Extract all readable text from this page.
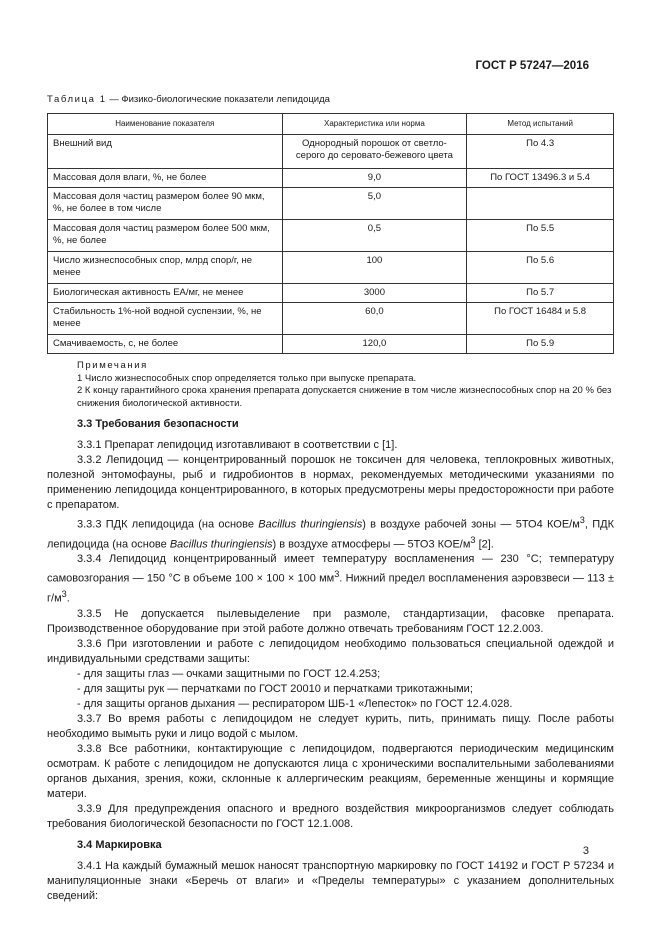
ГОСТ Р 57247—2016
Таблица 1 — Физико-биологические показатели лепидоцида
Наименование показателя	Характеристика или норма	Метод испытаний
Внешний вид	Однородный порошок от светло-серого до серовато-бежевого цвета	По 4.3
Массовая доля влаги, %, не более	9,0	По ГОСТ 13496.3 и 5.4
Массовая доля частиц размером более 90 мкм, %, не более в том числе	5,0	
Массовая доля частиц размером более 500 мкм, %, не более	0,5	По 5.5
Число жизнеспособных спор, млрд спор/г, не менее	100	По 5.6
Биологическая активность ЕА/мг, не менее	3000	По 5.7
Стабильность 1%-ной водной суспензии, %, не менее	60,0	По ГОСТ 16484 и 5.8
Смачиваемость, с, не более	120,0	По 5.9
Примечания
1 Число жизнеспособных спор определяется только при выпуске препарата.
2 К концу гарантийного срока хранения препарата допускается снижение в том числе жизнеспособных спор на 20 % без снижения биологической активности.

3.3 Требования безопасности

3.3.1 Препарат лепидоцид изготавливают в соответствии с [1].

3.3.2 Лепидоцид — концентрированный порошок не токсичен для человека, теплокровных животных, полезной энтомофауны, рыб и гидробионтов в нормах, рекомендуемых методическими указаниями по применению лепидоцида концентрированного, в которых предусмотрены меры предосторожности при работе с препаратом.

3.3.3 ПДК лепидоцида (на основе Bacillus thuringiensis) в воздухе рабочей зоны — 5ТО4 КОЕ/$м^3$, ПДК лепидоцида (на основе Bacillus thuringiensis) в воздухе атмосферы — 5ТО3 КОЕ/$м^3$ [2].

3.3.4 Лепидоцид концентрированный имеет температуру воспламенения — 230 °С; температуру самовозгорания — 150 °С в объеме 100 × 100 × 100 $мм^3$. Нижний предел воспламенения аэровзвеси — $113 \pm г/м^3$.

3.3.5 Не допускается пылевыделение при размоле, стандартизации, фасовке препарата. Производственное оборудование при этой работе должно отвечать требованиям ГОСТ 12.2.003.

3.3.6 При изготовлении и работе с лепидоцидом необходимо пользоваться специальной одеждой и индивидуальными средствами защиты:

- для защиты глаз — очками защитными по ГОСТ 12.4.253;

- для защиты рук — перчатками по ГОСТ 20010 и перчатками трикотажными;

- для защиты органов дыхания — респиратором ШБ-1 «Лепесток» по ГОСТ 12.4.028.

3.3.7 Во время работы с лепидоцидом не следует курить, пить, принимать пищу. После работы необходимо вымыть руки и лицо водой с мылом.

3.3.8 Все работники, контактирующие с лепидоцидом, подвергаются периодическим медицинским осмотрам. К работе с лепидоцидом не допускаются лица с хроническими воспалительными заболеваниями органов дыхания, зрения, кожи, склонные к аллергическим реакциям, беременные женщины и кормящие матери.

3.3.9 Для предупреждения опасного и вредного воздействия микроорганизмов следует соблюдать требования биологической безопасности по ГОСТ 12.1.008.

3.4 Маркировка

3.4.1 На каждый бумажный мешок наносят транспортную маркировку по ГОСТ 14192 и ГОСТ Р 57234 и манипуляционные знаки «Беречь от влаги» и «Пределы температуры» с указанием дополнительных сведений:

3
